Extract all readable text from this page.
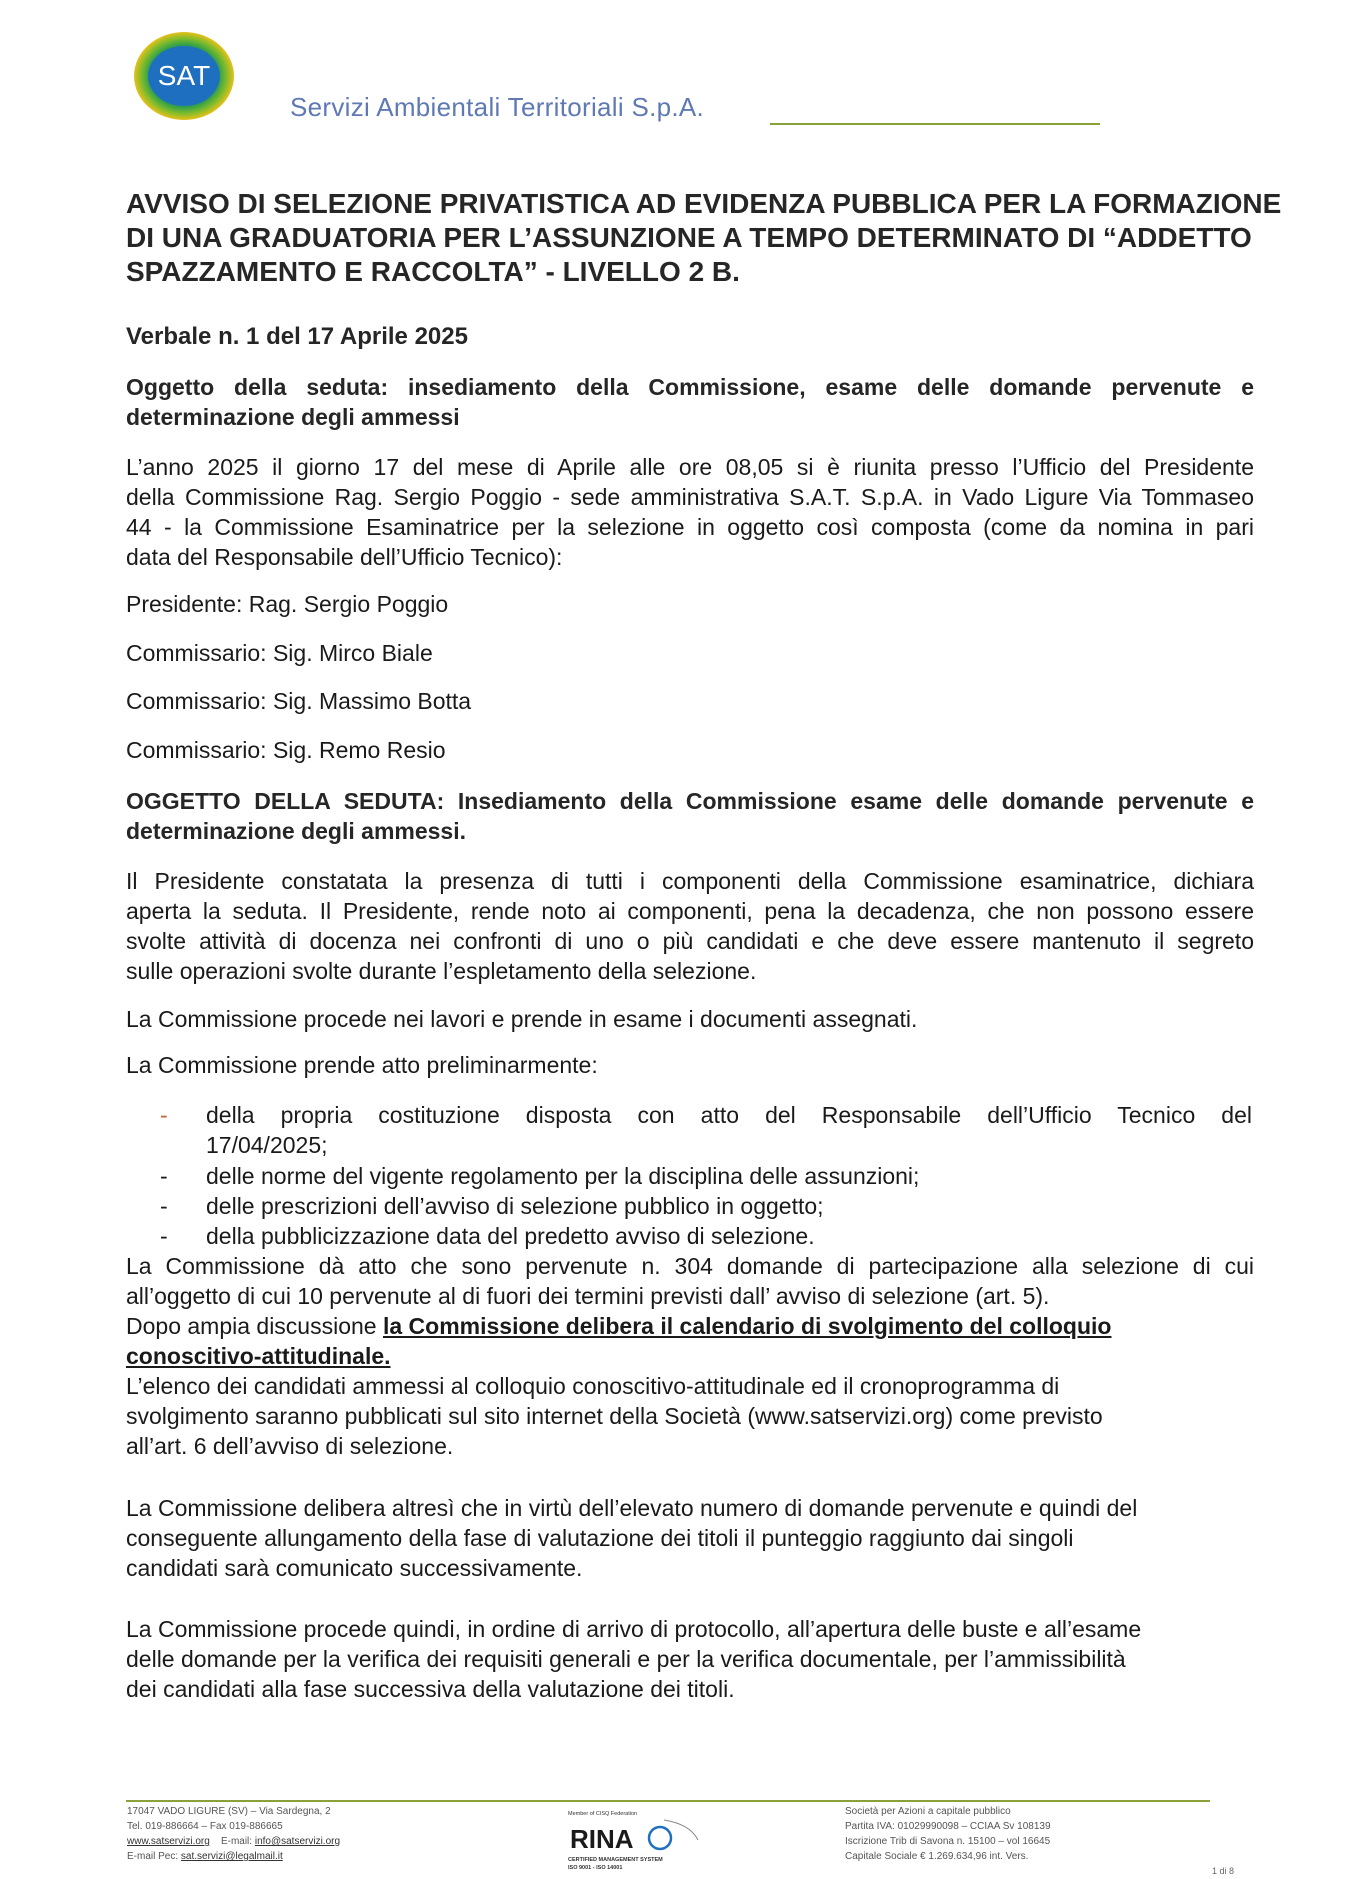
SAT
Servizi Ambientali Territoriali S.p.A.
AVVISO DI SELEZIONE PRIVATISTICA AD EVIDENZA PUBBLICA PER LA FORMAZIONE
DI UNA GRADUATORIA PER L’ASSUNZIONE A TEMPO DETERMINATO DI “ADDETTO
SPAZZAMENTO E RACCOLTA” - LIVELLO 2 B.
Verbale n. 1 del 17 Aprile 2025
Oggetto della seduta: insediamento della Commissione, esame delle domande pervenute e
determinazione degli ammessi
L’anno 2025 il giorno 17 del mese di Aprile alle ore 08,05 si è riunita presso l’Ufficio del Presidente
della Commissione Rag. Sergio Poggio - sede amministrativa S.A.T. S.p.A. in Vado Ligure Via Tommaseo
44 - la Commissione Esaminatrice per la selezione in oggetto così composta (come da nomina in pari
data del Responsabile dell’Ufficio Tecnico):
Presidente: Rag. Sergio Poggio
Commissario: Sig. Mirco Biale
Commissario: Sig. Massimo Botta
Commissario: Sig. Remo Resio
OGGETTO DELLA SEDUTA: Insediamento della Commissione esame delle domande pervenute e
determinazione degli ammessi.
Il Presidente constatata la presenza di tutti i componenti della Commissione esaminatrice, dichiara
aperta la seduta. Il Presidente, rende noto ai componenti, pena la decadenza, che non possono essere
svolte attività di docenza nei confronti di uno o più candidati e che deve essere mantenuto il segreto
sulle operazioni svolte durante l’espletamento della selezione.
La Commissione procede nei lavori e prende in esame i documenti assegnati.
La Commissione prende atto preliminarmente:
-	della propria costituzione disposta con atto del Responsabile dell’Ufficio Tecnico del
17/04/2025;
-	delle norme del vigente regolamento per la disciplina delle assunzioni;
-	delle prescrizioni dell’avviso di selezione pubblico in oggetto;
-	della pubblicizzazione data del predetto avviso di selezione.
La Commissione dà atto che sono pervenute n. 304 domande di partecipazione alla selezione di cui
all’oggetto di cui 10 pervenute al di fuori dei termini previsti dall’ avviso di selezione (art. 5).
Dopo ampia discussione la Commissione delibera il calendario di svolgimento del colloquio
conoscitivo-attitudinale.
L’elenco dei candidati ammessi al colloquio conoscitivo-attitudinale ed il cronoprogramma di
svolgimento saranno pubblicati sul sito internet della Società (www.satservizi.org) come previsto
all’art. 6 dell’avviso di selezione.
La Commissione delibera altresì che in virtù dell’elevato numero di domande pervenute e quindi del
conseguente allungamento della fase di valutazione dei titoli il punteggio raggiunto dai singoli
candidati sarà comunicato successivamente.
La Commissione procede quindi, in ordine di arrivo di protocollo, all’apertura delle buste e all’esame
delle domande per la verifica dei requisiti generali e per la verifica documentale, per l’ammissibilità
dei candidati alla fase successiva della valutazione dei titoli.
17047 VADO LIGURE (SV) – Via Sardegna, 2
Tel. 019-886664 – Fax 019-886665
www.satservizi.org E-mail: info@satservizi.org
E-mail Pec: sat.servizi@legalmail.it
Member of CISQ Federation
RINA
CERTIFIED MANAGEMENT SYSTEM
ISO 9001 - ISO 14001
Società per Azioni a capitale pubblico
Partita IVA: 01029990098 – CCIAA Sv 108139
Iscrizione Trib di Savona n. 15100 – vol 16645
Capitale Sociale € 1.269.634,96 int. Vers.
1 di 8
